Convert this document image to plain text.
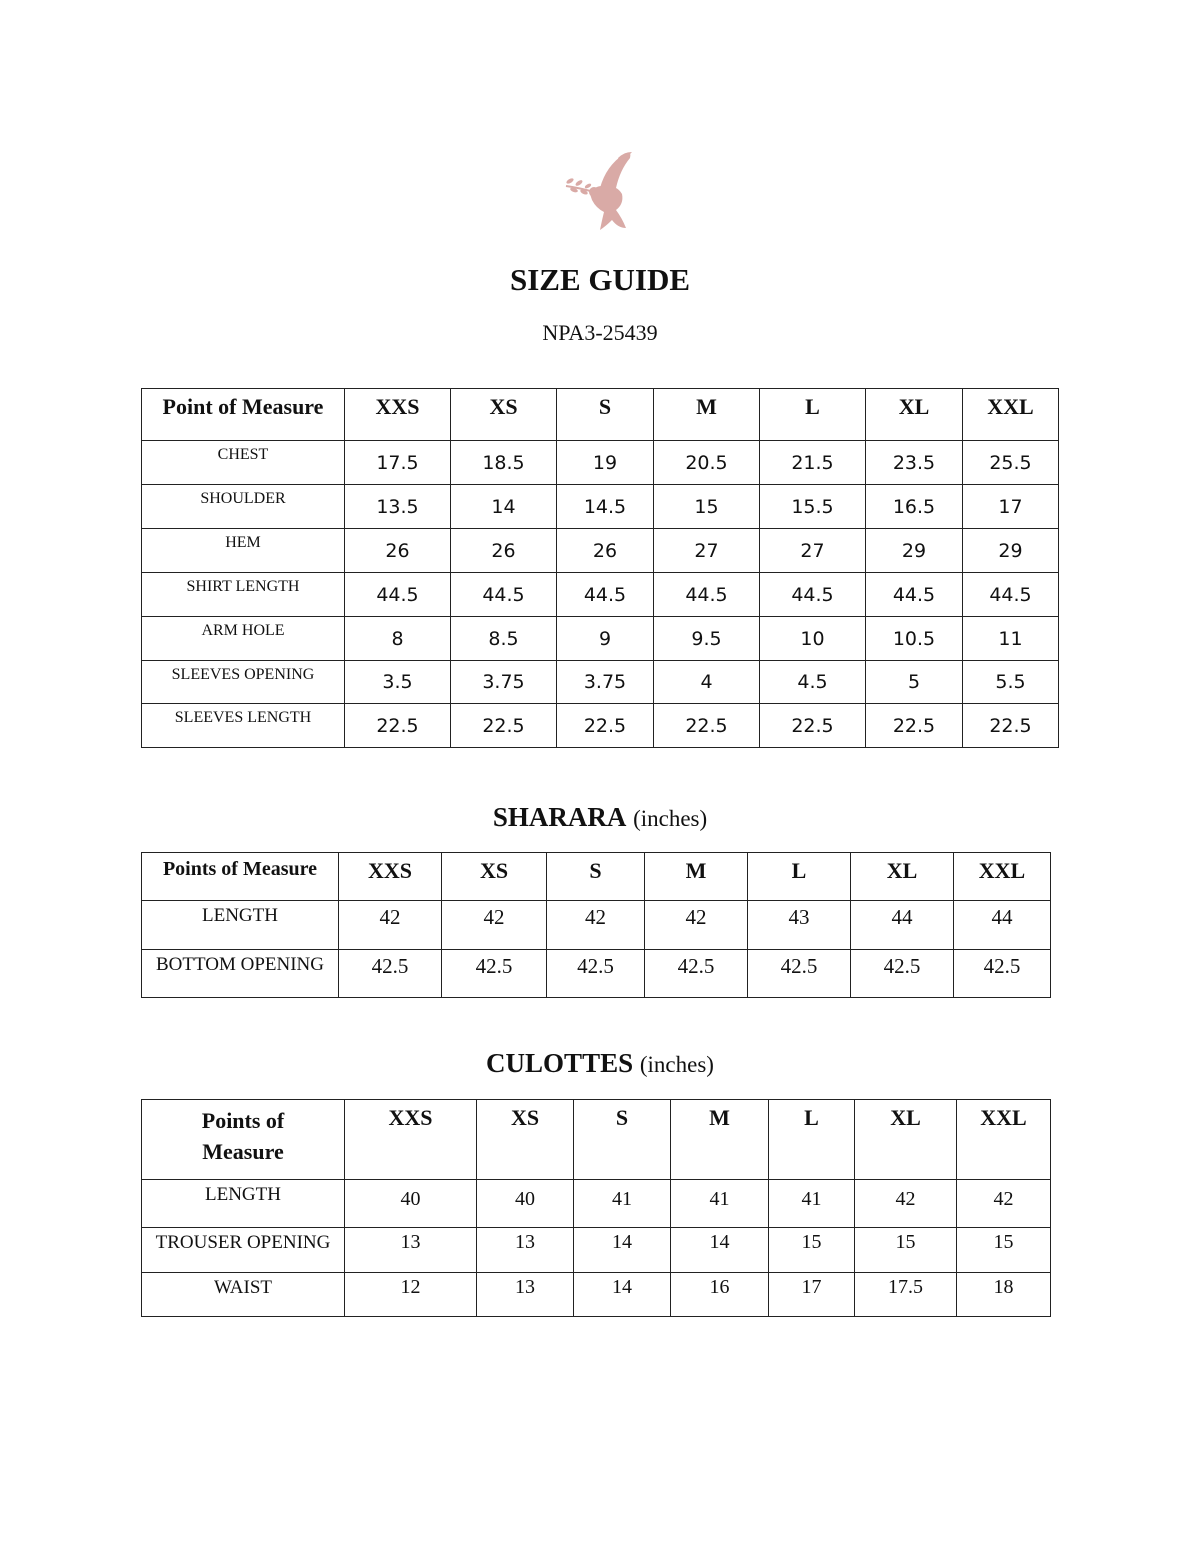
SIZE GUIDE
NPA3-25439
Point of Measure	XXS	XS	S	M	L	XL	XXL
CHEST	17.5	18.5	19	20.5	21.5	23.5	25.5
SHOULDER	13.5	14	14.5	15	15.5	16.5	17
HEM	26	26	26	27	27	29	29
SHIRT LENGTH	44.5	44.5	44.5	44.5	44.5	44.5	44.5
ARM HOLE	8	8.5	9	9.5	10	10.5	11
SLEEVES OPENING	3.5	3.75	3.75	4	4.5	5	5.5
SLEEVES LENGTH	22.5	22.5	22.5	22.5	22.5	22.5	22.5
SHARARA (inches)
Points of Measure	XXS	XS	S	M	L	XL	XXL
LENGTH	42	42	42	42	43	44	44
BOTTOM OPENING	42.5	42.5	42.5	42.5	42.5	42.5	42.5
CULOTTES (inches)
Points of
Measure	XXS	XS	S	M	L	XL	XXL
LENGTH	40	40	41	41	41	42	42
TROUSER OPENING	13	13	14	14	15	15	15
WAIST	12	13	14	16	17	17.5	18
